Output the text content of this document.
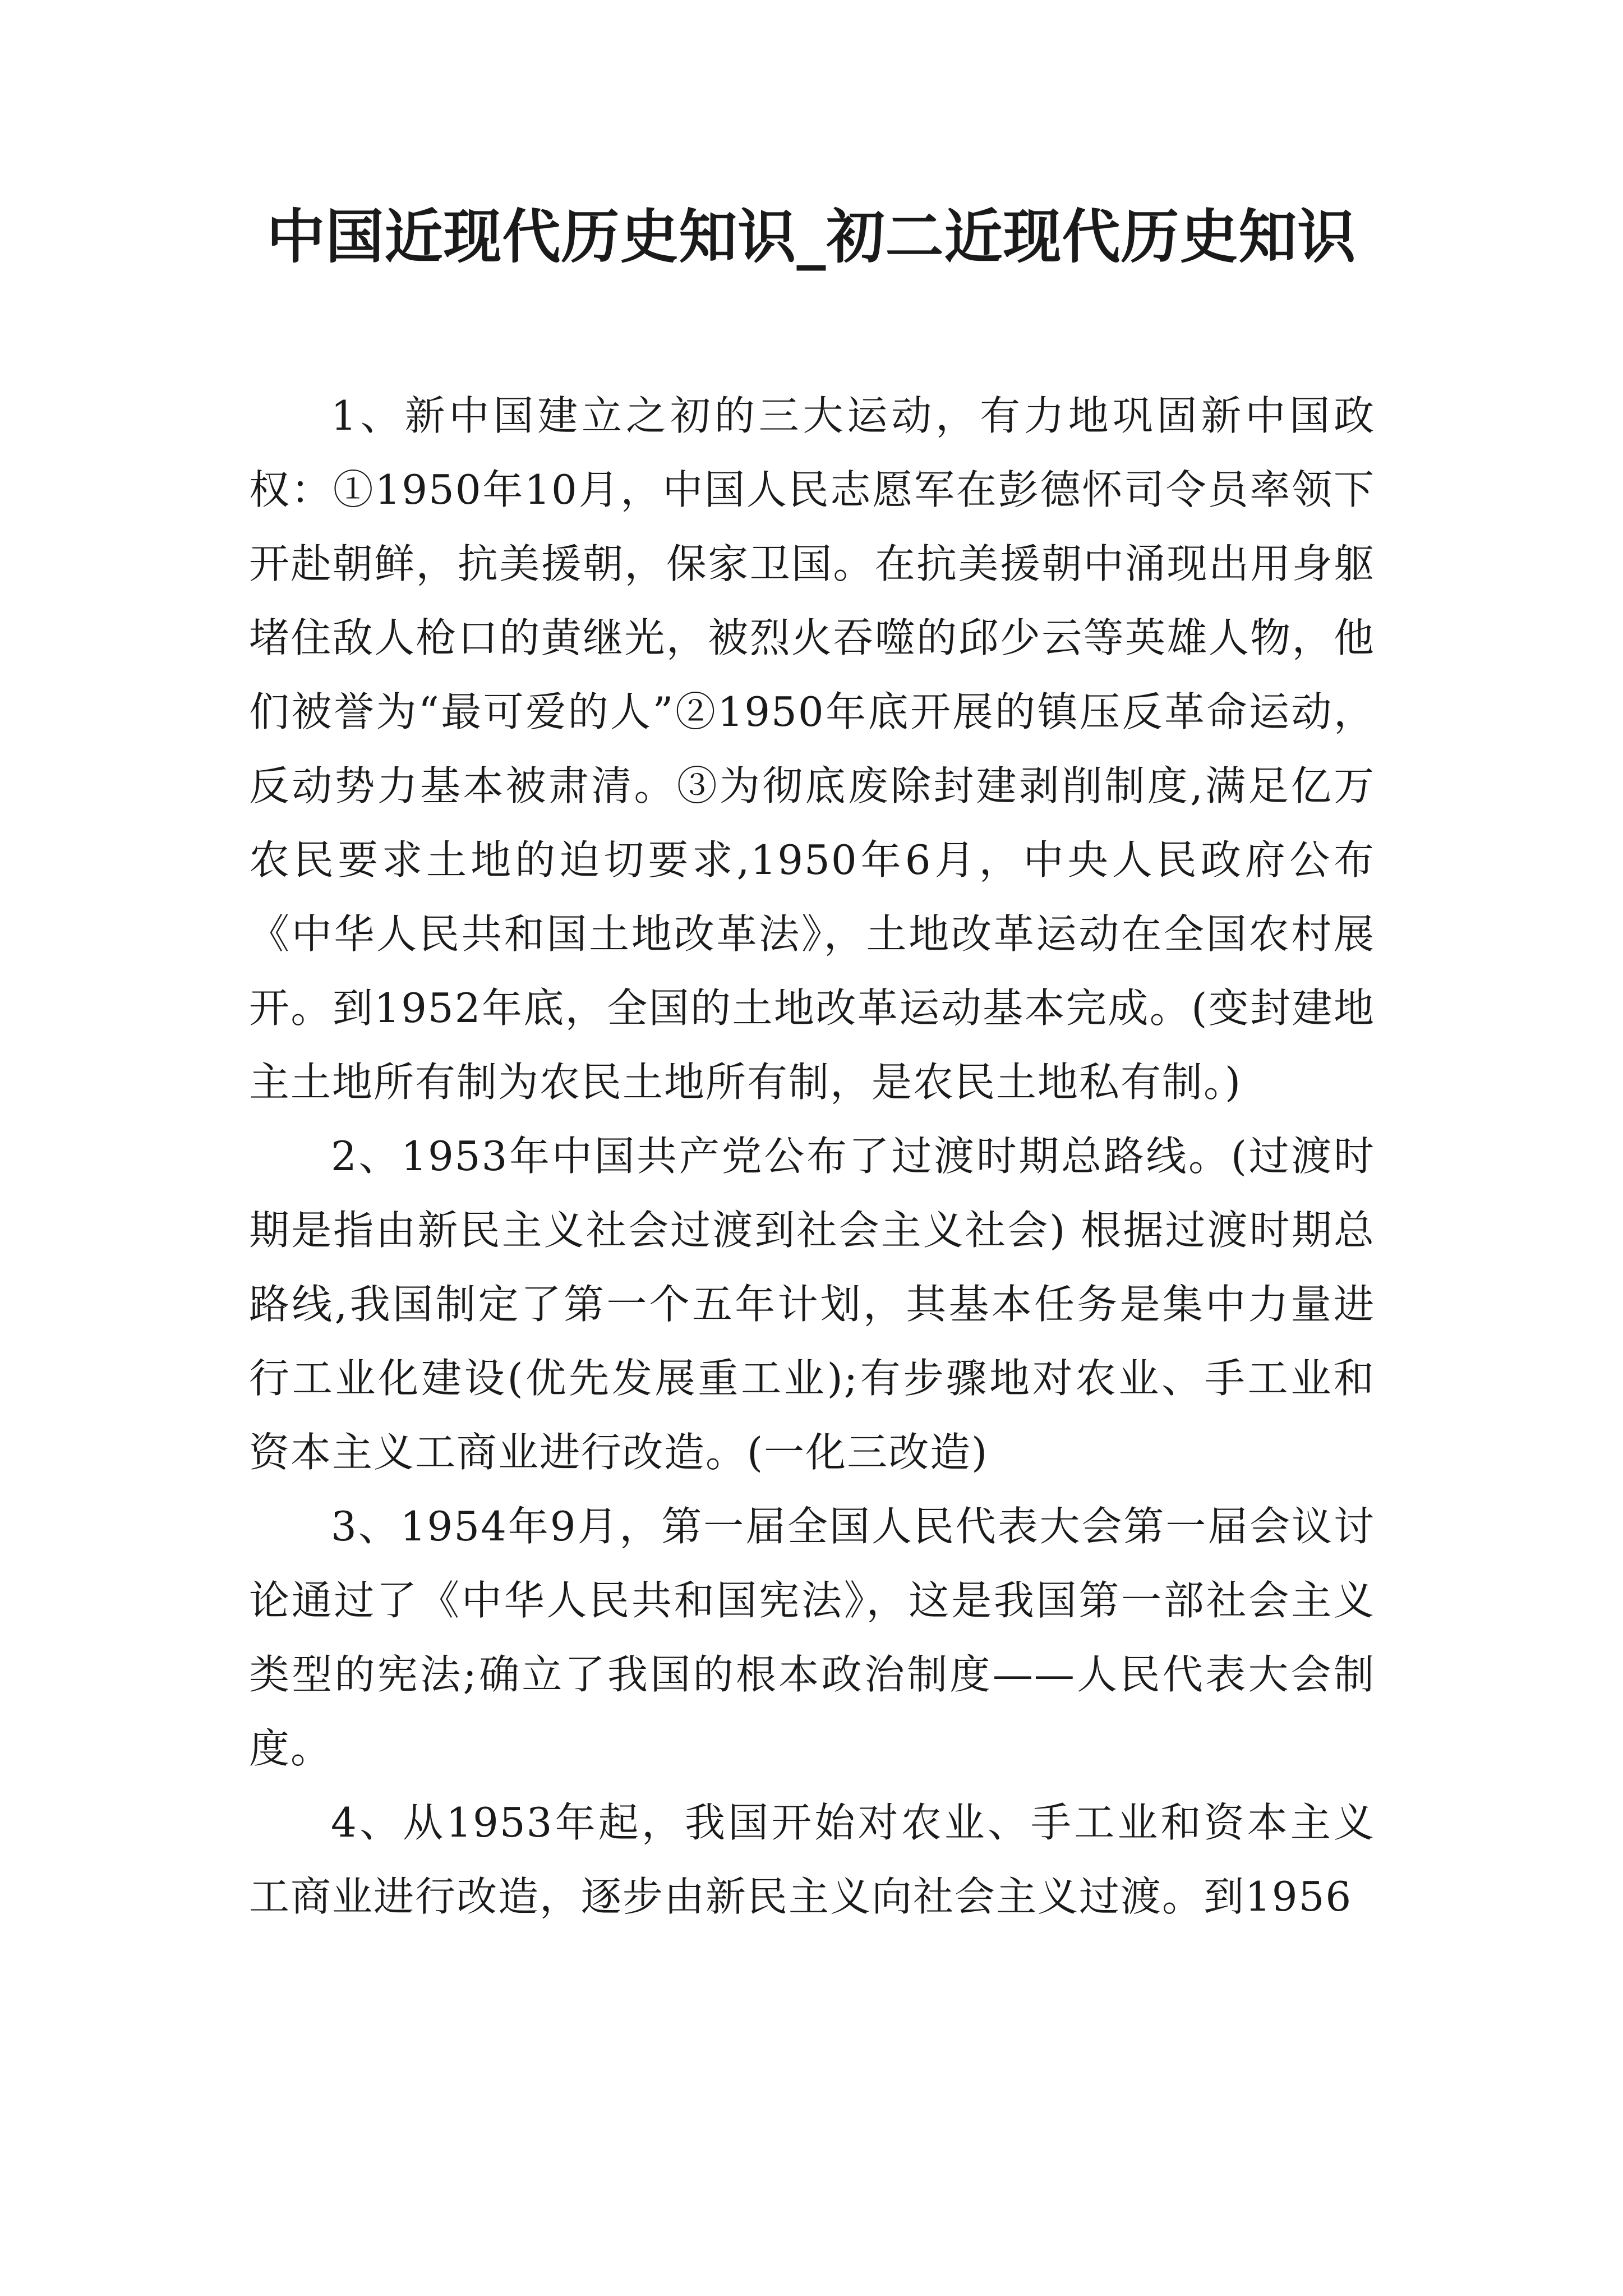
中国近现代历史知识_初二近现代历史知识

1、新中国建立之初的三大运动，有力地巩固新中国政权：①1950年10月，中国人民志愿军在彭德怀司令员率领下开赴朝鲜，抗美援朝，保家卫国。在抗美援朝中涌现出用身躯堵住敌人枪口的黄继光，被烈火吞噬的邱少云等英雄人物，他们被誉为“最可爱的人”②1950年底开展的镇压反革命运动，反动势力基本被肃清。③为彻底废除封建剥削制度,满足亿万农民要求土地的迫切要求,1950年6月，中央人民政府公布《中华人民共和国土地改革法》，土地改革运动在全国农村展开。到1952年底，全国的土地改革运动基本完成。(变封建地主土地所有制为农民土地所有制，是农民土地私有制。)

2、1953年中国共产党公布了过渡时期总路线。(过渡时期是指由新民主义社会过渡到社会主义社会) 根据过渡时期总路线,我国制定了第一个五年计划，其基本任务是集中力量进行工业化建设(优先发展重工业);有步骤地对农业、手工业和资本主义工商业进行改造。(一化三改造)

3、1954年9月，第一届全国人民代表大会第一届会议讨论通过了《中华人民共和国宪法》，这是我国第一部社会主义类型的宪法;确立了我国的根本政治制度——人民代表大会制度。

4、从1953年起，我国开始对农业、手工业和资本主义工商业进行改造，逐步由新民主义向社会主义过渡。到1956
